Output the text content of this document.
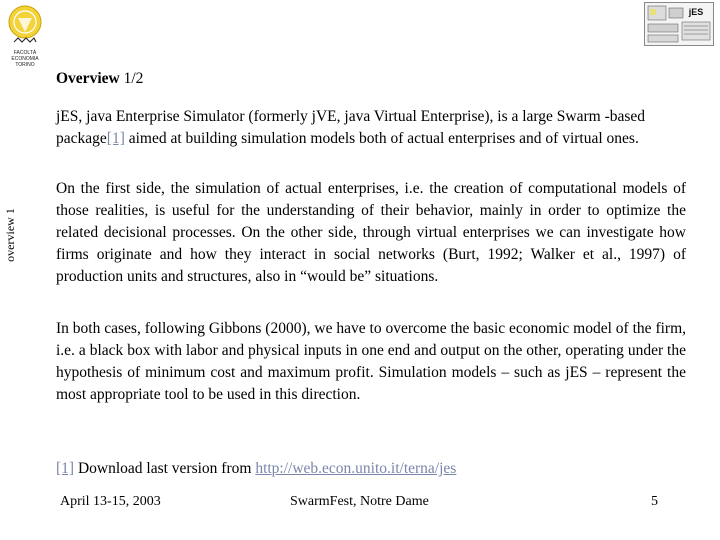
FACOLTÀ
ECONOMIA
TORINO
jES
overview 1
Overview 1/2
jES, java Enterprise Simulator (formerly jVE, java Virtual Enterprise), is a large Swarm -based package[1] aimed at building simulation models both of actual enterprises and of virtual ones.
On the first side, the simulation of actual enterprises, i.e. the creation of computational models of those realities, is useful for the understanding of their behavior, mainly in order to optimize the related decisional processes. On the other side, through virtual enterprises we can investigate how firms originate and how they interact in social networks (Burt, 1992; Walker et al., 1997) of production units and structures, also in “would be” situations.
In both cases, following Gibbons (2000), we have to overcome the basic economic model of the firm, i.e. a black box with labor and physical inputs in one end and output on the other, operating under the hypothesis of minimum cost and maximum profit. Simulation models – such as jES – represent the most appropriate tool to be used in this direction.
[1] Download last version from http://web.econ.unito.it/terna/jes
April 13-15, 2003	SwarmFest, Notre Dame	5
